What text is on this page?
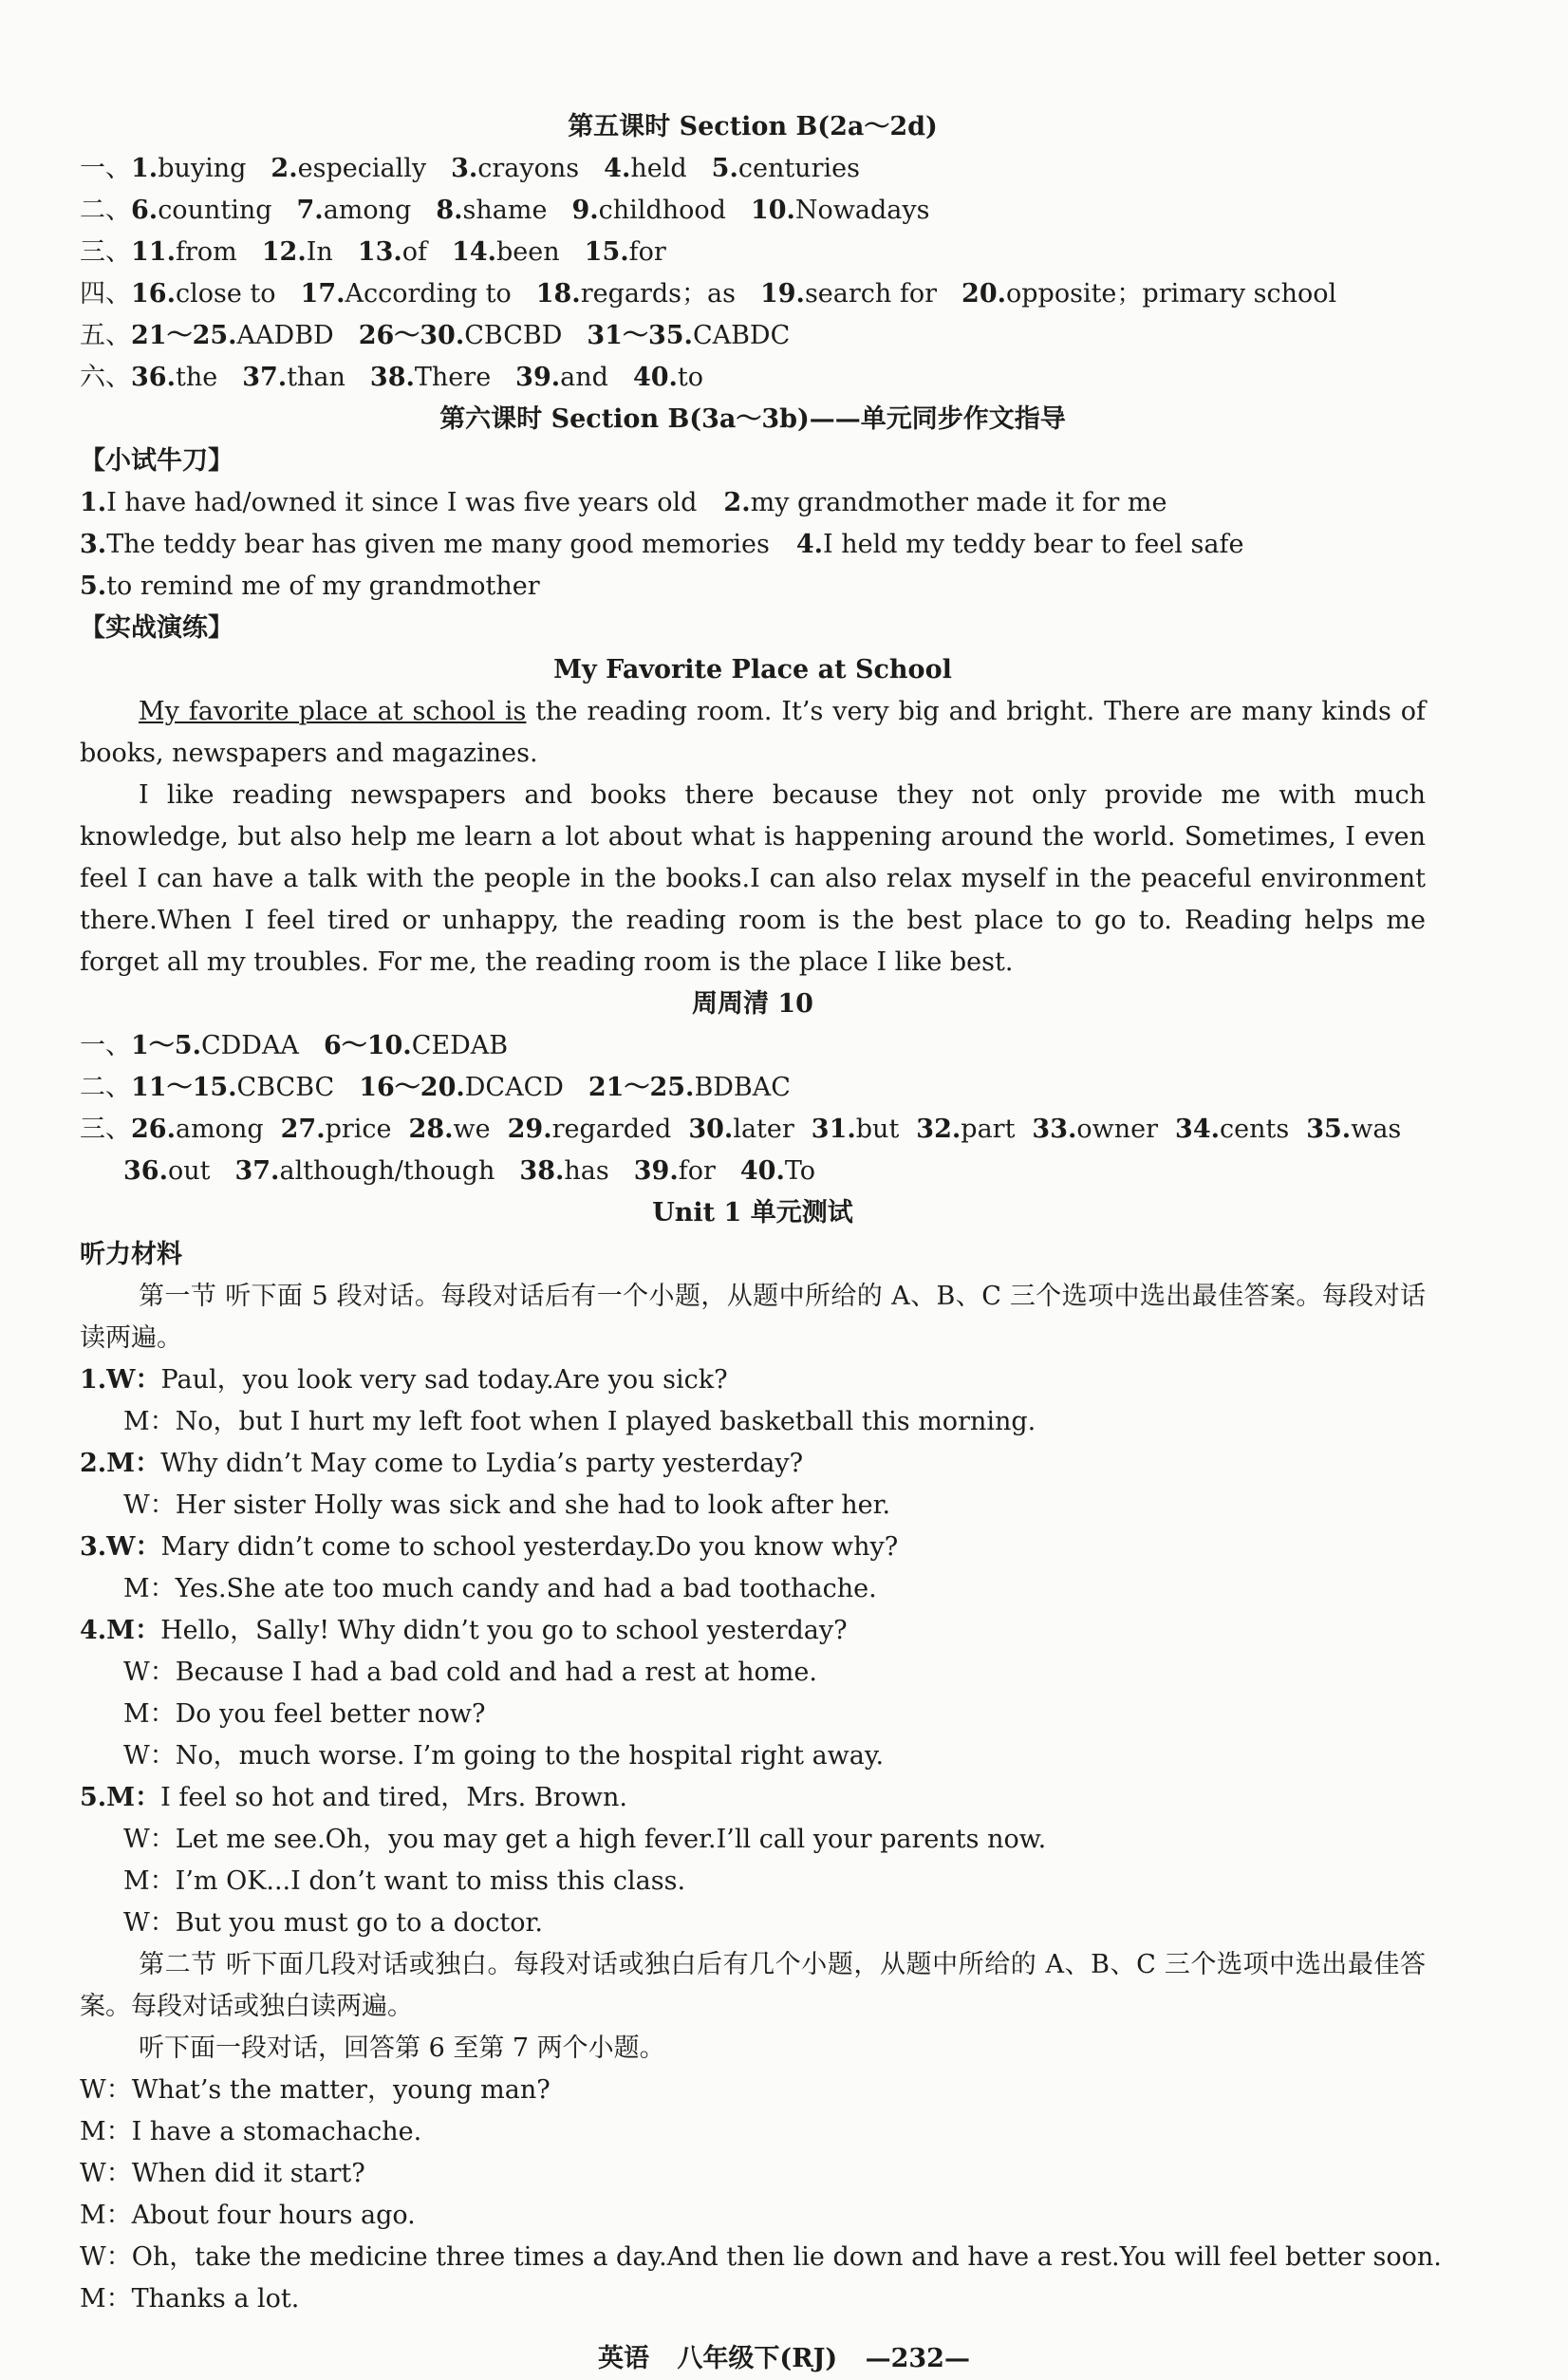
第五课时 Section B(2a～2d)
一、1.buying 2.especially 3.crayons 4.held 5.centuries
二、6.counting 7.among 8.shame 9.childhood 10.Nowadays
三、11.from 12.In 13.of 14.been 15.for
四、16.close to 17.According to 18.regards；as 19.search for 20.opposite；primary school
五、21～25.AADBD 26～30.CBCBD 31～35.CABDC
六、36.the 37.than 38.There 39.and 40.to
第六课时 Section B(3a～3b)——单元同步作文指导
【小试牛刀】
1.I have had/owned it since I was five years old 2.my grandmother made it for me
3.The teddy bear has given me many good memories 4.I held my teddy bear to feel safe
5.to remind me of my grandmother
【实战演练】
My Favorite Place at School
My favorite place at school is the reading room. It’s very big and bright. There are many kinds of books, newspapers and magazines.
I like reading newspapers and books there because they not only provide me with much knowledge, but also help me learn a lot about what is happening around the world. Sometimes, I even feel I can have a talk with the people in the books.I can also relax myself in the peaceful environment there.When I feel tired or unhappy, the reading room is the best place to go to. Reading helps me forget all my troubles. For me, the reading room is the place I like best.
周周清 10
一、1～5.CDDAA 6～10.CEDAB
二、11～15.CBCBC 16～20.DCACD 21～25.BDBAC
三、26.among 27.price 28.we 29.regarded 30.later 31.but 32.part 33.owner 34.cents 35.was
36.out 37.although/though 38.has 39.for 40.To
Unit 1 单元测试
听力材料
第一节 听下面 5 段对话。每段对话后有一个小题，从题中所给的 A、B、C 三个选项中选出最佳答案。每段对话读两遍。
1.W：Paul，you look very sad today.Are you sick?
M：No，but I hurt my left foot when I played basketball this morning.
2.M：Why didn’t May come to Lydia’s party yesterday?
W：Her sister Holly was sick and she had to look after her.
3.W：Mary didn’t come to school yesterday.Do you know why?
M：Yes.She ate too much candy and had a bad toothache.
4.M：Hello，Sally! Why didn’t you go to school yesterday?
W：Because I had a bad cold and had a rest at home.
M：Do you feel better now?
W：No，much worse. I’m going to the hospital right away.
5.M：I feel so hot and tired，Mrs. Brown.
W：Let me see.Oh，you may get a high fever.I’ll call your parents now.
M：I’m OK...I don’t want to miss this class.
W：But you must go to a doctor.
第二节 听下面几段对话或独白。每段对话或独白后有几个小题，从题中所给的 A、B、C 三个选项中选出最佳答案。每段对话或独白读两遍。
听下面一段对话，回答第 6 至第 7 两个小题。
W：What’s the matter，young man?
M：I have a stomachache.
W：When did it start?
M：About four hours ago.
W：Oh，take the medicine three times a day.And then lie down and have a rest.You will feel better soon.
M：Thanks a lot.
英语 八年级下(RJ) —232—
